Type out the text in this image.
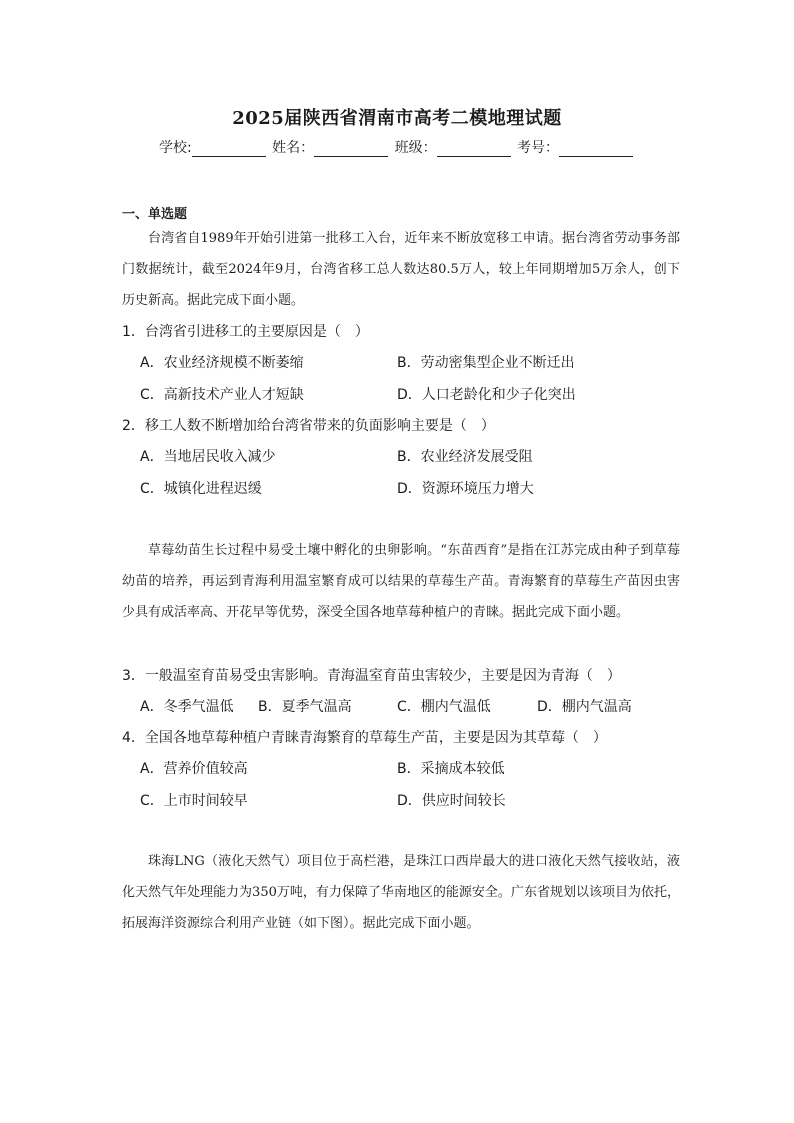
2025届陕西省渭南市高考二模地理试题
学校:	姓名：	班级：	考号：
一、单选题
台湾省自1989年开始引进第一批移工入台，近年来不断放宽移工申请。据台湾省劳动事务部门数据统计，截至2024年9月，台湾省移工总人数达80.5万人，较上年同期增加5万余人，创下历史新高。据此完成下面小题。
1．台湾省引进移工的主要原因是（　）
A．农业经济规模不断萎缩	B．劳动密集型企业不断迁出
C．高新技术产业人才短缺	D．人口老龄化和少子化突出
2．移工人数不断增加给台湾省带来的负面影响主要是（　）
A．当地居民收入减少	B．农业经济发展受阻
C．城镇化进程迟缓	D．资源环境压力增大
草莓幼苗生长过程中易受土壤中孵化的虫卵影响。“东苗西育”是指在江苏完成由种子到草莓幼苗的培养，再运到青海利用温室繁育成可以结果的草莓生产苗。青海繁育的草莓生产苗因虫害少具有成活率高、开花早等优势，深受全国各地草莓种植户的青睐。据此完成下面小题。
3．一般温室育苗易受虫害影响。青海温室育苗虫害较少，主要是因为青海（　）
A．冬季气温低 B．夏季气温高	C．棚内气温低	D．棚内气温高
4．全国各地草莓种植户青睐青海繁育的草莓生产苗，主要是因为其草莓（　）
A．营养价值较高	B．采摘成本较低
C．上市时间较早	D．供应时间较长
珠海LNG（液化天然气）项目位于高栏港，是珠江口西岸最大的进口液化天然气接收站，液化天然气年处理能力为350万吨，有力保障了华南地区的能源安全。广东省规划以该项目为依托，拓展海洋资源综合利用产业链（如下图）。据此完成下面小题。
